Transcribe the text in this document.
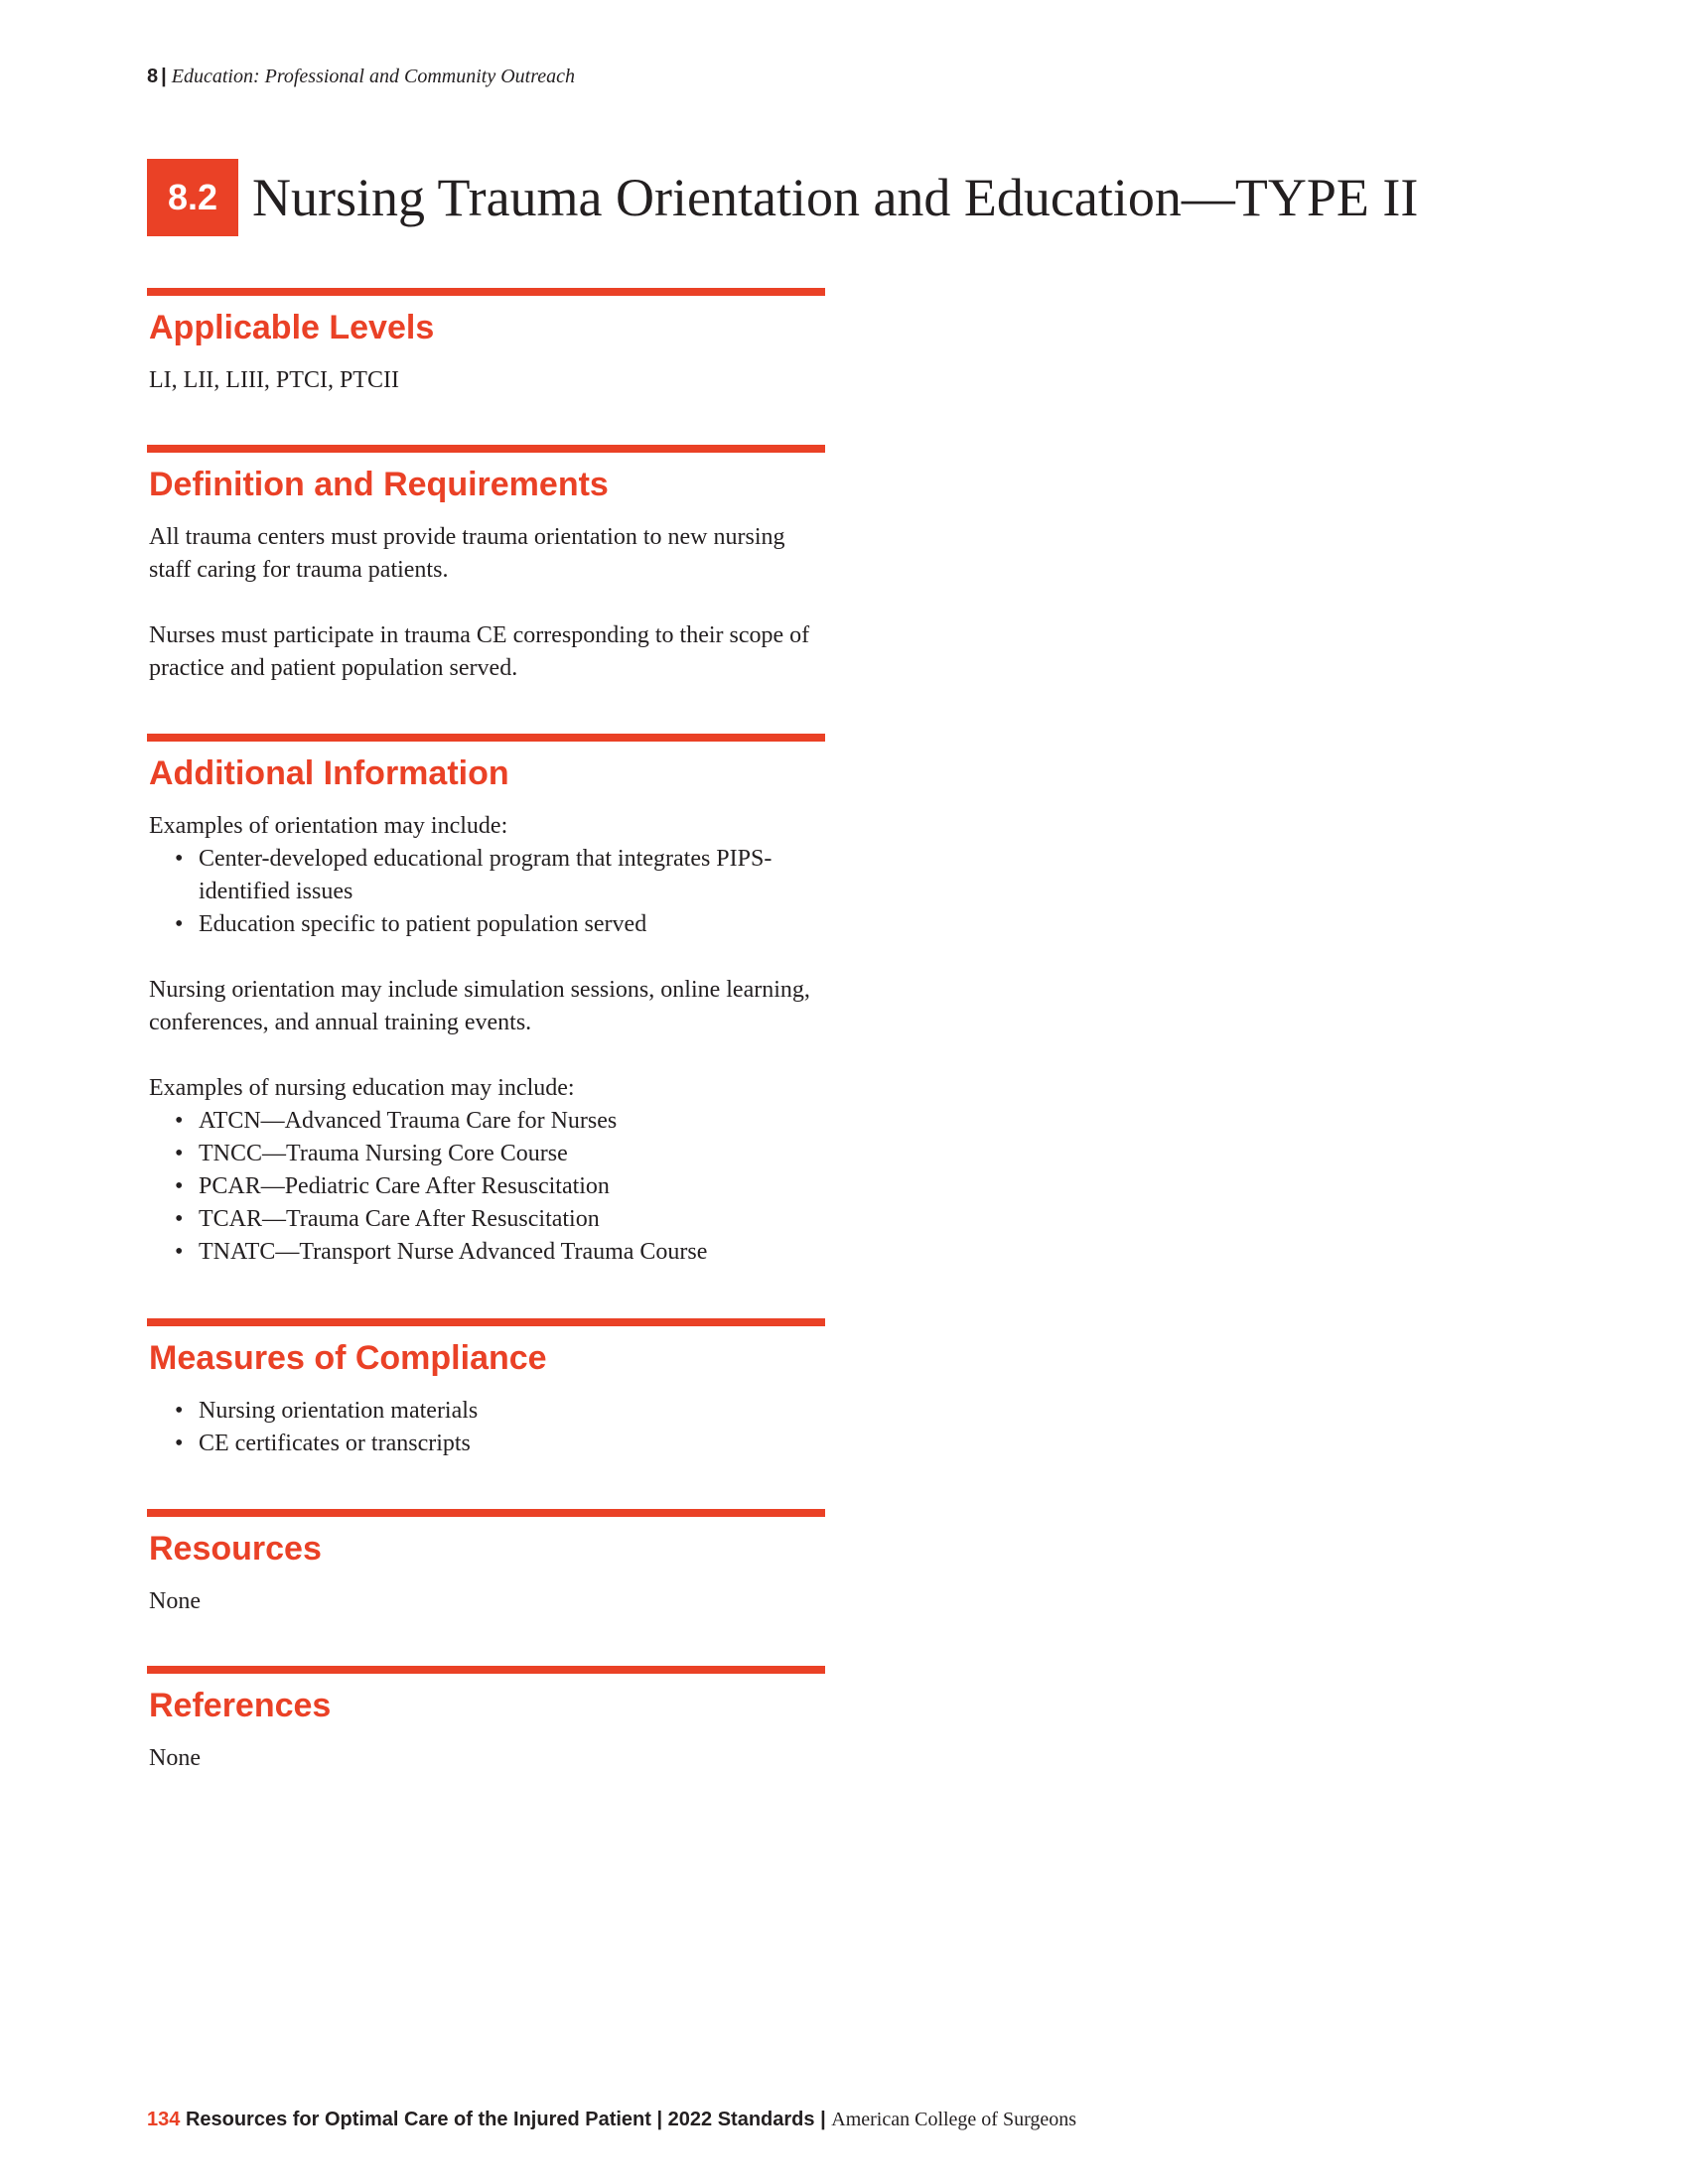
8 | Education: Professional and Community Outreach
8.2 Nursing Trauma Orientation and Education—TYPE II
Applicable Levels

LI, LII, LIII, PTCI, PTCII

Definition and Requirements

All trauma centers must provide trauma orientation to new nursing staff caring for trauma patients.

Nurses must participate in trauma CE corresponding to their scope of practice and patient population served.

Additional Information

Examples of orientation may include:

• Center-developed educational program that integrates PIPS-identified issues
• Education specific to patient population served

Nursing orientation may include simulation sessions, online learning, conferences, and annual training events.

Examples of nursing education may include:

• ATCN—Advanced Trauma Care for Nurses
• TNCC—Trauma Nursing Core Course
• PCAR—Pediatric Care After Resuscitation
• TCAR—Trauma Care After Resuscitation
• TNATC—Transport Nurse Advanced Trauma Course
Measures of Compliance
• Nursing orientation materials
• CE certificates or transcripts
Resources

None

References

None

134 Resources for Optimal Care of the Injured Patient | 2022 Standards | American College of Surgeons
